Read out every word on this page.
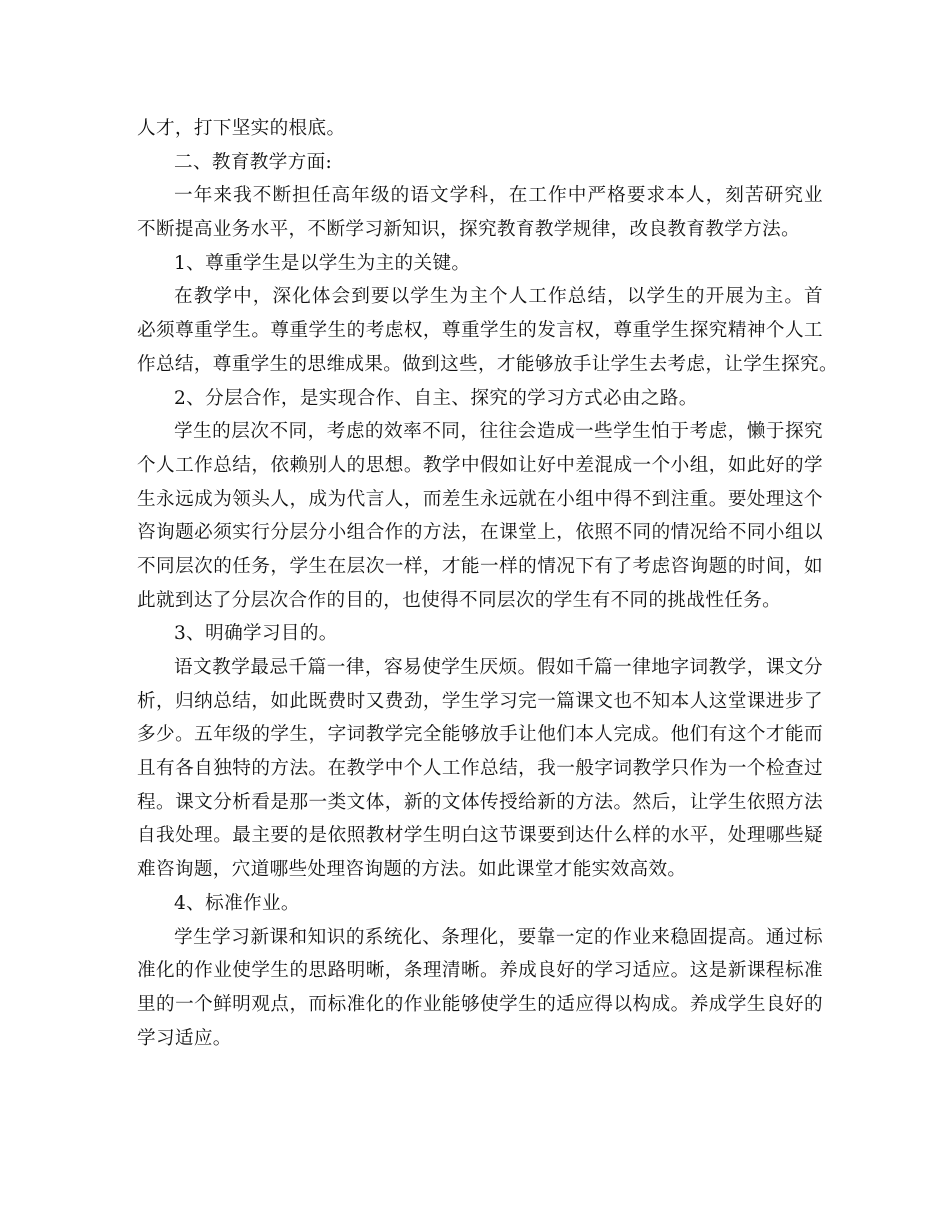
人才，打下坚实的根底。
二、教育教学方面:
一年来我不断担任高年级的语文学科，在工作中严格要求本人，刻苦研究业
不断提高业务水平，不断学习新知识，探究教育教学规律，改良教育教学方法。
1、尊重学生是以学生为主的关键。
在教学中，深化体会到要以学生为主个人工作总结，以学生的开展为主。首
必须尊重学生。尊重学生的考虑权，尊重学生的发言权，尊重学生探究精神个人工
作总结，尊重学生的思维成果。做到这些，才能够放手让学生去考虑，让学生探究。
2、分层合作，是实现合作、自主、探究的学习方式必由之路。
学生的层次不同，考虑的效率不同，往往会造成一些学生怕于考虑，懒于探究
个人工作总结，依赖别人的思想。教学中假如让好中差混成一个小组，如此好的学
生永远成为领头人，成为代言人，而差生永远就在小组中得不到注重。要处理这个
咨询题必须实行分层分小组合作的方法，在课堂上，依照不同的情况给不同小组以
不同层次的任务，学生在层次一样，才能一样的情况下有了考虑咨询题的时间，如
此就到达了分层次合作的目的，也使得不同层次的学生有不同的挑战性任务。
3、明确学习目的。
语文教学最忌千篇一律，容易使学生厌烦。假如千篇一律地字词教学，课文分
析，归纳总结，如此既费时又费劲，学生学习完一篇课文也不知本人这堂课进步了
多少。五年级的学生，字词教学完全能够放手让他们本人完成。他们有这个才能而
且有各自独特的方法。在教学中个人工作总结，我一般字词教学只作为一个检查过
程。课文分析看是那一类文体，新的文体传授给新的方法。然后，让学生依照方法
自我处理。最主要的是依照教材学生明白这节课要到达什么样的水平，处理哪些疑
难咨询题，穴道哪些处理咨询题的方法。如此课堂才能实效高效。
4、标准作业。
学生学习新课和知识的系统化、条理化，要靠一定的作业来稳固提高。通过标
准化的作业使学生的思路明晰，条理清晰。养成良好的学习适应。这是新课程标准
里的一个鲜明观点，而标准化的作业能够使学生的适应得以构成。养成学生良好的
学习适应。
